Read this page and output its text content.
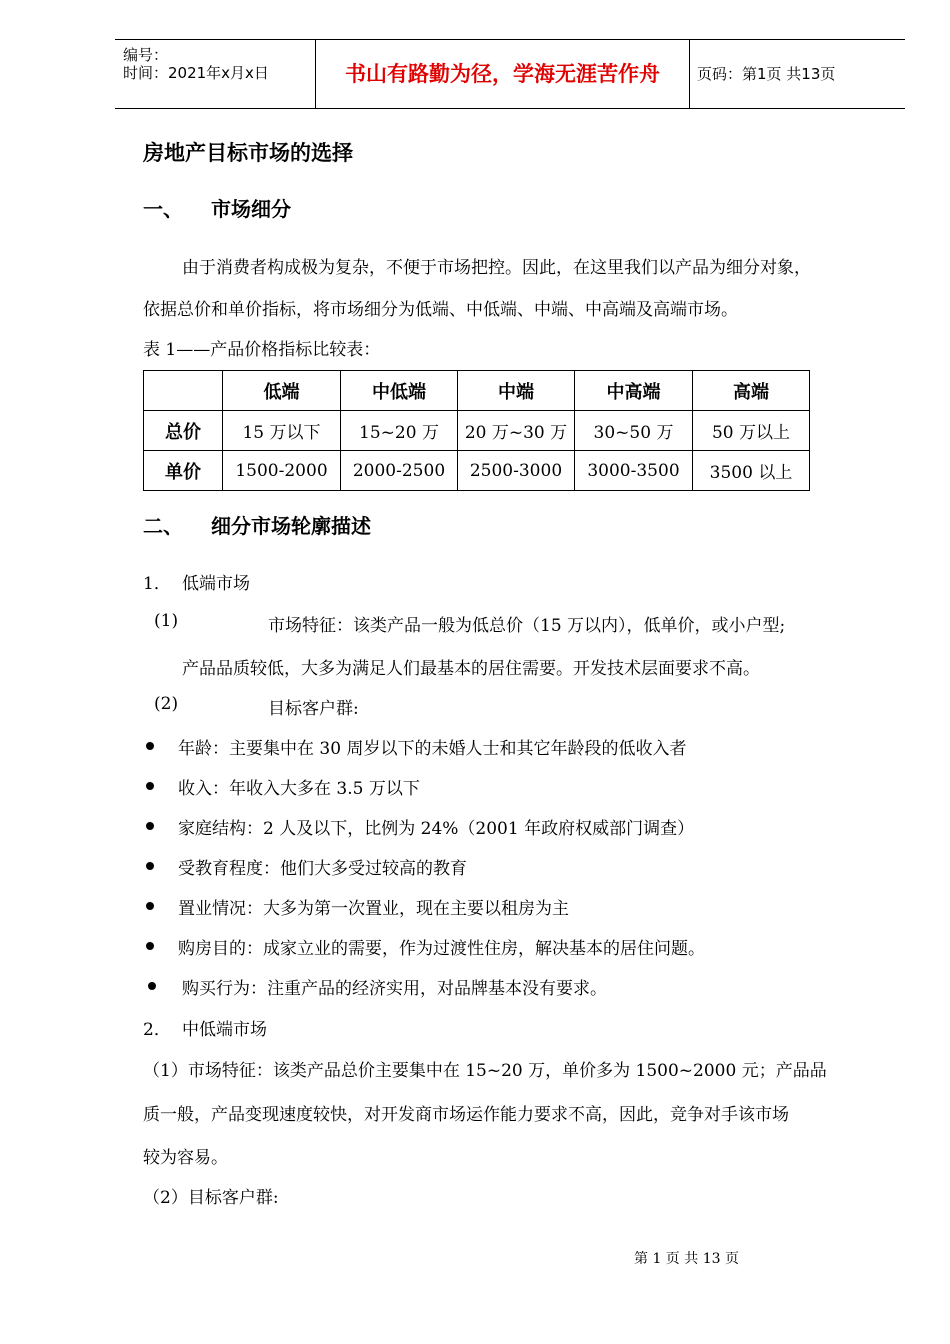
编号：
时间：2021年x月x日	书山有路勤为径，学海无涯苦作舟	页码：第1页 共13页
房地产目标市场的选择
一、 市场细分
由于消费者构成极为复杂，不便于市场把控。因此，在这里我们以产品为细分对象，
依据总价和单价指标，将市场细分为低端、中低端、中端、中高端及高端市场。
表 1——产品价格指标比较表：
	低端	中低端	中端	中高端	高端
总价	15 万以下	15~20 万	20 万~30 万	30~50 万	50 万以上
单价	1500-2000	2000-2500	2500-3000	3000-3500	3500 以上
二、 细分市场轮廓描述
1． 低端市场
(1)	市场特征：该类产品一般为低总价（15 万以内），低单价，或小户型;
产品品质较低，大多为满足人们最基本的居住需要。开发技术层面要求不高。
(2)	目标客户群:
年龄：主要集中在 30 周岁以下的未婚人士和其它年龄段的低收入者
收入：年收入大多在 3.5 万以下
家庭结构：2 人及以下，比例为 24%（2001 年政府权威部门调查）
受教育程度：他们大多受过较高的教育
置业情况：大多为第一次置业，现在主要以租房为主
购房目的：成家立业的需要，作为过渡性住房，解决基本的居住问题。
购买行为：注重产品的经济实用，对品牌基本没有要求。
2． 中低端市场
（1）市场特征：该类产品总价主要集中在 15~20 万，单价多为 1500~2000 元；产品品
质一般，产品变现速度较快，对开发商市场运作能力要求不高，因此，竞争对手该市场
较为容易。
（2）目标客户群:
第 1 页 共 13 页
